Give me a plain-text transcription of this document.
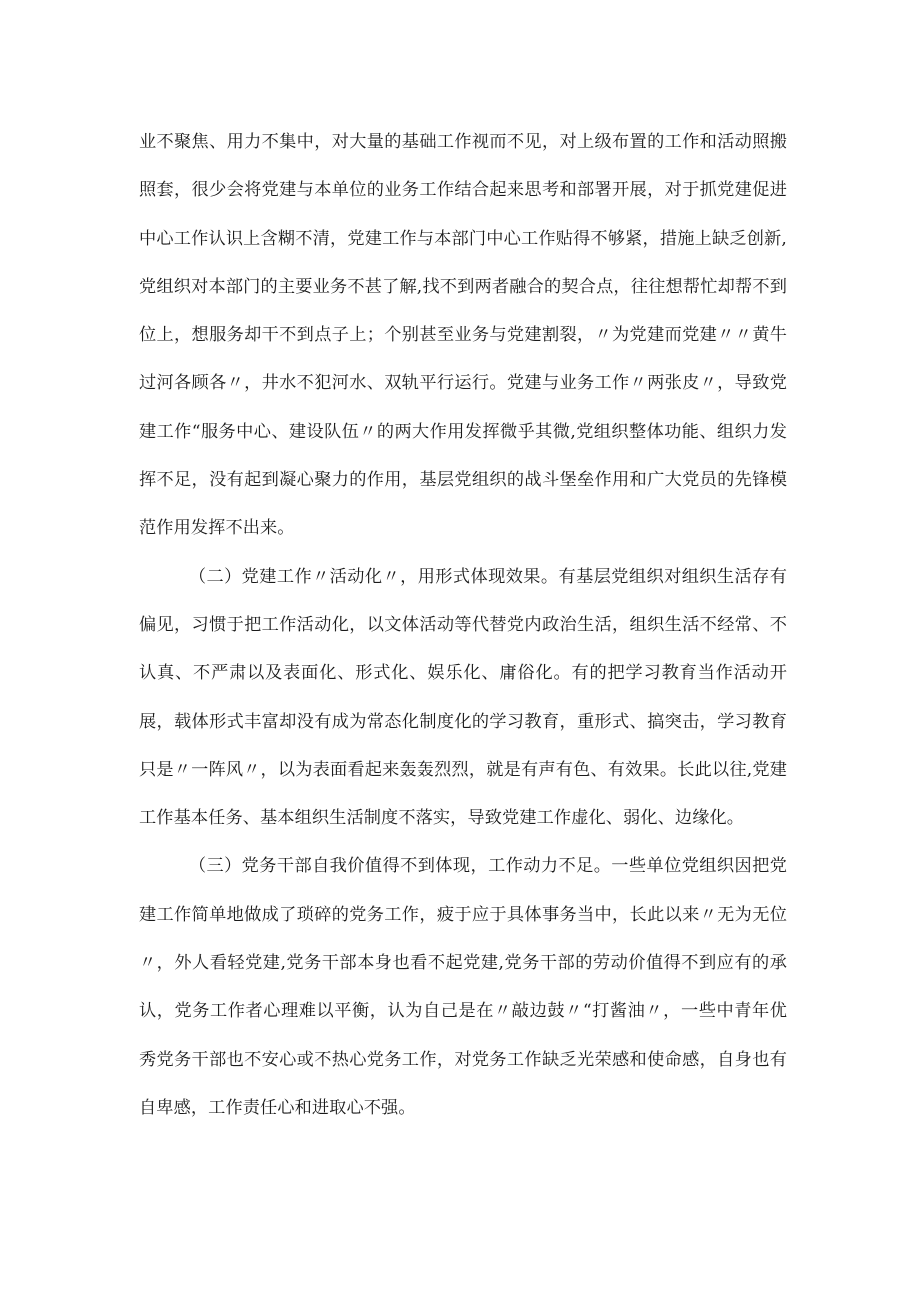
业不聚焦、用力不集中，对大量的基础工作视而不见，对上级布置的工作和活动照搬照套，很少会将党建与本单位的业务工作结合起来思考和部署开展，对于抓党建促进中心工作认识上含糊不清，党建工作与本部门中心工作贴得不够紧，措施上缺乏创新,党组织对本部门的主要业务不甚了解,找不到两者融合的契合点，往往想帮忙却帮不到位上，想服务却干不到点子上；个别甚至业务与党建割裂，〃为党建而党建〃〃黄牛过河各顾各〃，井水不犯河水、双轨平行运行。党建与业务工作〃两张皮〃，导致党建工作“服务中心、建设队伍〃的两大作用发挥微乎其微,党组织整体功能、组织力发挥不足，没有起到凝心聚力的作用，基层党组织的战斗堡垒作用和广大党员的先锋模范作用发挥不出来。

（二）党建工作〃活动化〃，用形式体现效果。有基层党组织对组织生活存有偏见，习惯于把工作活动化，以文体活动等代替党内政治生活，组织生活不经常、不认真、不严肃以及表面化、形式化、娱乐化、庸俗化。有的把学习教育当作活动开展，载体形式丰富却没有成为常态化制度化的学习教育，重形式、搞突击，学习教育只是〃一阵风〃，以为表面看起来轰轰烈烈，就是有声有色、有效果。长此以往,党建工作基本任务、基本组织生活制度不落实，导致党建工作虚化、弱化、边缘化。

（三）党务干部自我价值得不到体现，工作动力不足。一些单位党组织因把党建工作简单地做成了琐碎的党务工作，疲于应于具体事务当中，长此以来〃无为无位〃，外人看轻党建,党务干部本身也看不起党建,党务干部的劳动价值得不到应有的承认，党务工作者心理难以平衡，认为自己是在〃敲边鼓〃“打酱油〃，一些中青年优秀党务干部也不安心或不热心党务工作，对党务工作缺乏光荣感和使命感，自身也有自卑感，工作责任心和进取心不强。
